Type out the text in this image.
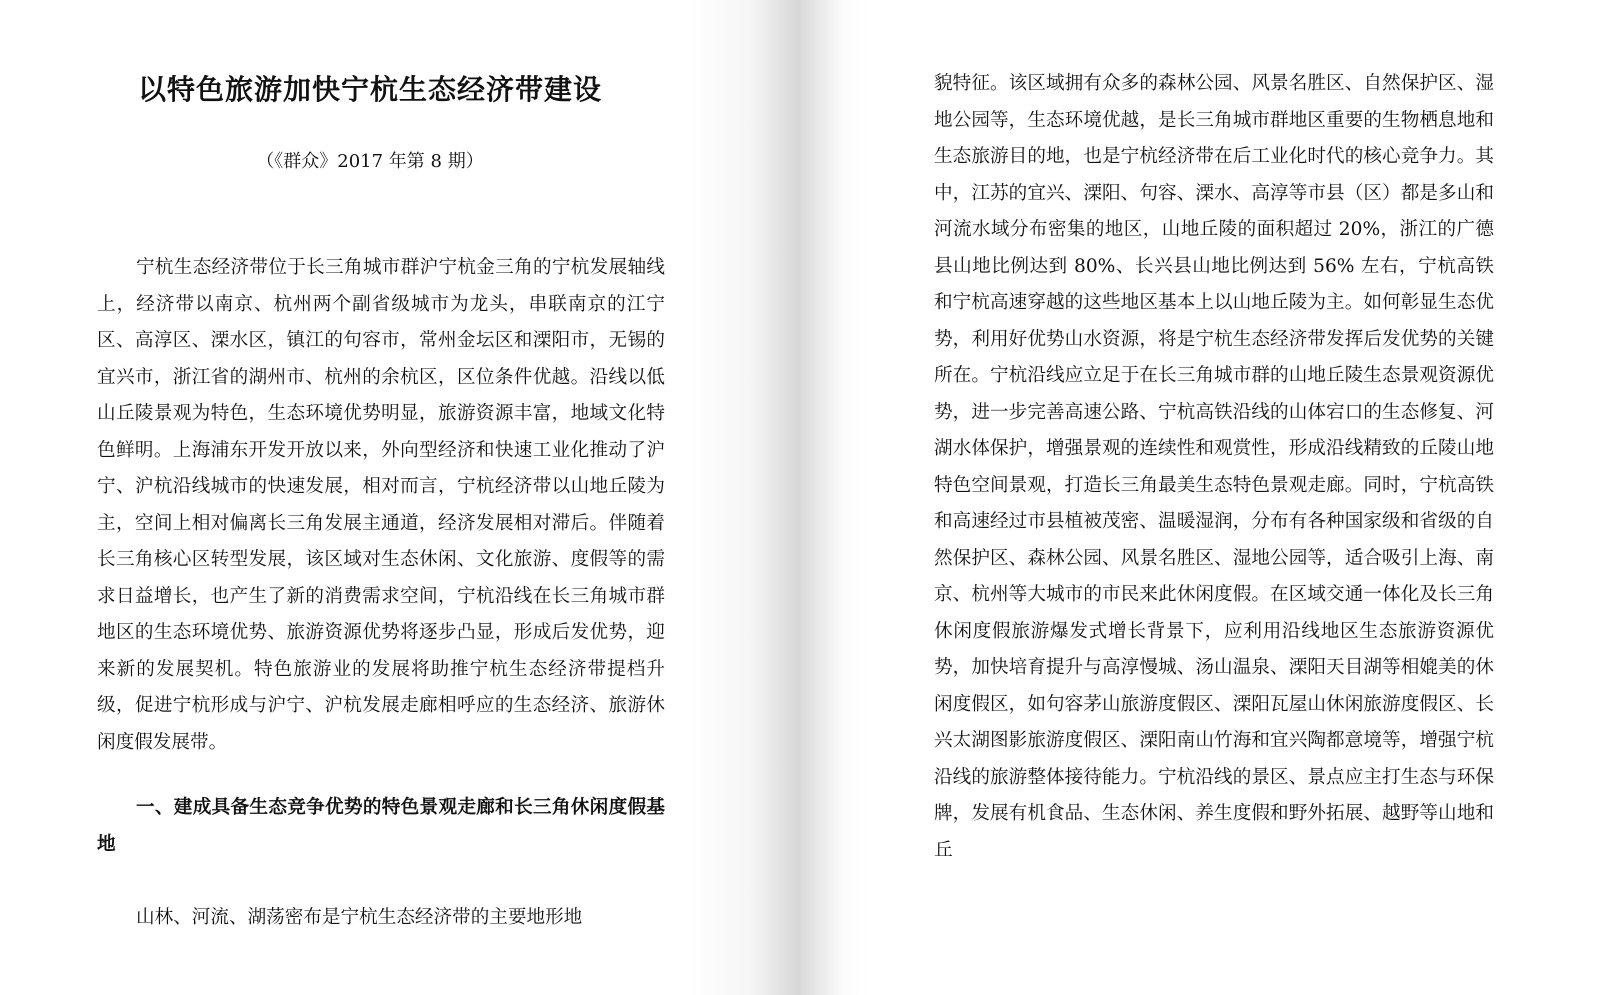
以特色旅游加快宁杭生态经济带建设

（《群众》2017 年第 8 期）

宁杭生态经济带位于长三角城市群沪宁杭金三角的宁杭发展轴线上，经济带以南京、杭州两个副省级城市为龙头，串联南京的江宁区、高淳区、溧水区，镇江的句容市，常州金坛区和溧阳市，无锡的宜兴市，浙江省的湖州市、杭州的余杭区，区位条件优越。沿线以低山丘陵景观为特色，生态环境优势明显，旅游资源丰富，地域文化特色鲜明。上海浦东开发开放以来，外向型经济和快速工业化推动了沪宁、沪杭沿线城市的快速发展，相对而言，宁杭经济带以山地丘陵为主，空间上相对偏离长三角发展主通道，经济发展相对滞后。伴随着长三角核心区转型发展，该区域对生态休闲、文化旅游、度假等的需求日益增长，也产生了新的消费需求空间，宁杭沿线在长三角城市群地区的生态环境优势、旅游资源优势将逐步凸显，形成后发优势，迎来新的发展契机。特色旅游业的发展将助推宁杭生态经济带提档升级，促进宁杭形成与沪宁、沪杭发展走廊相呼应的生态经济、旅游休闲度假发展带。

一、建成具备生态竞争优势的特色景观走廊和长三角休闲度假基地

山林、河流、湖荡密布是宁杭生态经济带的主要地形地

貌特征。该区域拥有众多的森林公园、风景名胜区、自然保护区、湿地公园等，生态环境优越，是长三角城市群地区重要的生物栖息地和生态旅游目的地，也是宁杭经济带在后工业化时代的核心竞争力。其中，江苏的宜兴、溧阳、句容、溧水、高淳等市县（区）都是多山和河流水域分布密集的地区，山地丘陵的面积超过 20%，浙江的广德县山地比例达到 80%、长兴县山地比例达到 56% 左右，宁杭高铁和宁杭高速穿越的这些地区基本上以山地丘陵为主。如何彰显生态优势，利用好优势山水资源，将是宁杭生态经济带发挥后发优势的关键所在。宁杭沿线应立足于在长三角城市群的山地丘陵生态景观资源优势，进一步完善高速公路、宁杭高铁沿线的山体宕口的生态修复、河湖水体保护，增强景观的连续性和观赏性，形成沿线精致的丘陵山地特色空间景观，打造长三角最美生态特色景观走廊。同时，宁杭高铁和高速经过市县植被茂密、温暖湿润，分布有各种国家级和省级的自然保护区、森林公园、风景名胜区、湿地公园等，适合吸引上海、南京、杭州等大城市的市民来此休闲度假。在区域交通一体化及长三角休闲度假旅游爆发式增长背景下，应利用沿线地区生态旅游资源优势，加快培育提升与高淳慢城、汤山温泉、溧阳天目湖等相媲美的休闲度假区，如句容茅山旅游度假区、溧阳瓦屋山休闲旅游度假区、长兴太湖图影旅游度假区、溧阳南山竹海和宜兴陶都意境等，增强宁杭沿线的旅游整体接待能力。宁杭沿线的景区、景点应主打生态与环保牌，发展有机食品、生态休闲、养生度假和野外拓展、越野等山地和丘
